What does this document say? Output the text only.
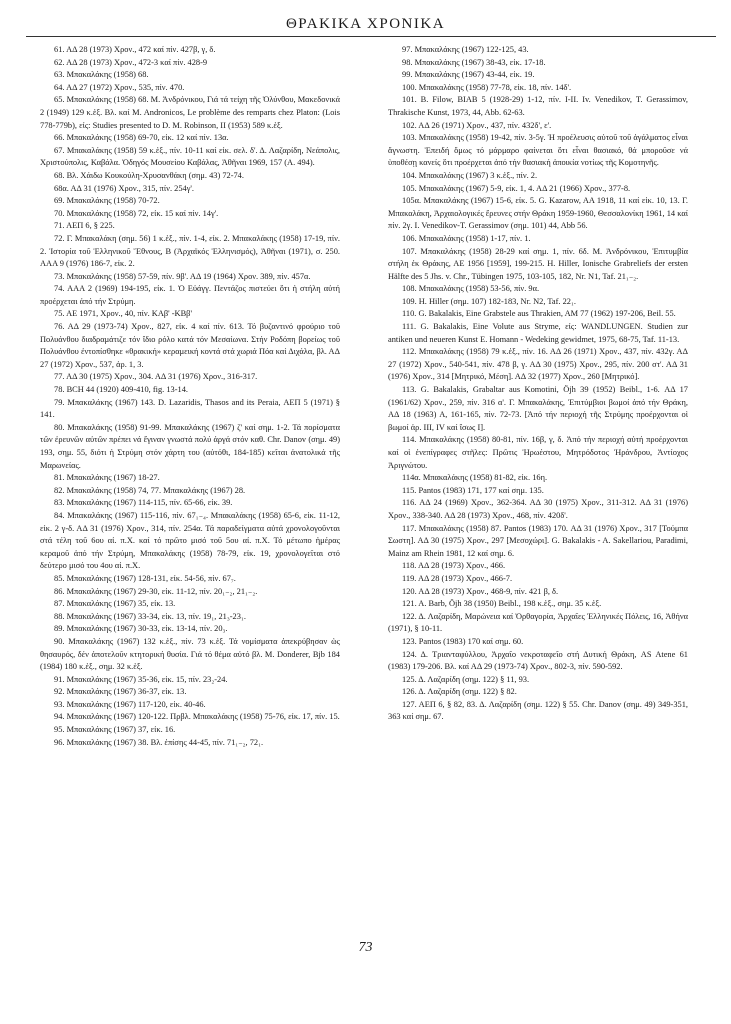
ΘΡΑΚΙΚΑ ΧΡΟΝΙΚΑ

61. ΑΔ 28 (1973) Χρον., 472 καί πίν. 427β, γ, δ.

62. ΑΔ 28 (1973) Χρον., 472-3 καί πίν. 428-9

63. Μπακαλάκης (1958) 68.

64. ΑΔ 27 (1972) Χρον., 535, πίν. 470.

65. Μπακαλάκης (1958) 68. Μ. Ἀνδρόνικου, Γιά τά τείχη τῆς Ὀλύνθου, Μακεδονικά 2 (1949) 129 κ.ἑξ. Βλ. καί M. Andronicos, Le problème des remparts chez Platon: (Lois 778-779b), εἰς: Studies presented to D. M. Robinson, II (1953) 589 κ.ἑξ.

66. Μπακαλάκης (1958) 69-70, εἰκ. 12 καί πίν. 13α.

67. Μπακαλάκης (1958) 59 κ.ἑξ., πίν. 10-11 καί εἰκ. σελ. δ'. Δ. Λαζαρίδη, Νεάπολις, Χριστούπολις, Καβάλα. Ὁδηγός Μουσείου Καβάλας, Ἀθῆναι 1969, 157 (Α. 494).

68. Βλ. Χάιδω Κουκούλη-Χρυσανθάκη (σημ. 43) 72-74.

68α. ΑΔ 31 (1976) Χρον., 315, πίν. 254γ'.

69. Μπακαλάκης (1958) 70-72.

70. Μπακαλάκης (1958) 72, εἰκ. 15 καί πίν. 14γ'.

71. ΑΕΠ 6, § 225.

72. Γ. Μπακαλάκη (σημ. 56) 1 κ.ἑξ., πίν. 1-4, εἰκ. 2. Μπακαλάκης (1958) 17-19, πίν. 2. Ἱστορία τοῦ Ἑλληνικοῦ Ἔθνους, Β (Ἀρχαϊκός Ἑλληνισμός), Ἀθῆναι (1971), σ. 250. ΑΑΑ 9 (1976) 186-7, εἰκ. 2.

73. Μπακαλάκης (1958) 57-59, πίν. 9β'. ΑΔ 19 (1964) Χρον. 389, πίν. 457α.

74. ΑΑΑ 2 (1969) 194-195, εἰκ. 1. Ὁ Εὐάγγ. Πεντάζος πιστεύει ὅτι ἡ στήλη αὐτή προέρχεται ἀπό τήν Στρύμη.

75. ΑΕ 1971, Χρον., 40, πίν. ΚΑβ' -ΚΒβ'

76. ΑΔ 29 (1973-74) Χρον., 827, εἰκ. 4 καί πίν. 613. Τό βυζαντινό φρούριο τοῦ Πολυάνθου διαδραμάτιζε τόν ἴδιο ρόλο κατά τόν Μεσαίωνα. Στήν Ροδόπη βορείως τοῦ Πολυάνθου ἐντοπίσθηκε «θρακική» κεραμεική κοντά στά χωριά Πόα καί Διχάλα, βλ. ΑΔ 27 (1972) Χρον., 537, ἀρ. 1, 3.

77. ΑΔ 30 (1975) Χρον., 304. ΑΔ 31 (1976) Χρον., 316-317.

78. BCH 44 (1920) 409-410, fig. 13-14.

79. Μπακαλάκης (1967) 143. D. Lazaridis, Thasos and its Peraia, ΑΕΠ 5 (1971) § 141.

80. Μπακαλάκης (1958) 91-99. Μπακαλάκης (1967) ζ' καί σημ. 1-2. Τά πορίσματα τῶν ἐρευνῶν αὐτῶν πρέπει νά ἔγιναν γνωστά πολύ ἀργά στόν καθ. Chr. Danov (σημ. 49) 193, σημ. 55, διότι ἡ Στρύμη στόν χάρτη του (αὐτόθι, 184-185) κεῖται ἀνατολικά τῆς Μαρωνείας.

81. Μπακαλάκης (1967) 18-27.

82. Μπακαλάκης (1958) 74, 77. Μπακαλάκης (1967) 28.

83. Μπακαλάκης (1967) 114-115, πίν. 65-66, εἰκ. 39.

84. Μπακαλάκης (1967) 115-116, πίν. 67₁₋₄. Μπακαλάκης (1958) 65-6, εἰκ. 11-12, εἰκ. 2 γ-δ. ΑΔ 31 (1976) Χρον., 314, πίν. 254α. Τά παραδείγματα αὐτά χρονολογοῦνται στά τέλη τοῦ 6ου αἰ. π.Χ. καί τό πρῶτο μισό τοῦ 5ου αἰ. π.Χ. Τό μέτωπο ἡμέρας κεραμοῦ ἀπό τήν Στρύμη, Μπακαλάκης (1958) 78-79, εἰκ. 19, χρονολογεῖται στό δεύτερο μισό του 4ου αἰ. π.Χ.

85. Μπακαλάκης (1967) 128-131, εἰκ. 54-56, πίν. 67₇.

86. Μπακαλάκης (1967) 29-30, εἰκ. 11-12, πίν. 20₁₋₂, 21₁₋₂.

87. Μπακαλάκης (1967) 35, εἰκ. 13.

88. Μπακαλάκης (1967) 33-34, εἰκ. 13, πίν. 19₁, 21₃-23₁.

89. Μπακαλάκης (1967) 30-33, εἰκ. 13-14, πίν. 20₃.

90. Μπακαλάκης (1967) 132 κ.ἑξ., πίν. 73 κ.ἑξ. Τά νομίσματα ἀπεκρύβησαν ὡς θησαυρός, δέν ἀποτελοῦν κτητορική θυσία. Γιά τό θέμα αὐτό βλ. M. Donderer, Bjb 184 (1984) 180 κ.ἑξ., σημ. 32 κ.ἑξ.

91. Μπακαλάκης (1967) 35-36, εἰκ. 15, πίν. 23₂-24.

92. Μπακαλάκης (1967) 36-37, εἰκ. 13.

93. Μπακαλάκης (1967) 117-120, εἰκ. 40-46.

94. Μπακαλάκης (1967) 120-122. Πρβλ. Μπακαλάκης (1958) 75-76, εἰκ. 17, πίν. 15.

95. Μπακαλάκης (1967) 37, εἰκ. 16.

96. Μπακαλάκης (1967) 38. Βλ. ἐπίσης 44-45, πίν. 71₁₋₂, 72₁.

97. Μπακαλάκης (1967) 122-125, 43.

98. Μπακαλάκης (1967) 38-43, εἰκ. 17-18.

99. Μπακαλάκης (1967) 43-44, εἰκ. 19.

100. Μπακαλάκης (1958) 77-78, εἰκ. 18, πίν. 14δ'.

101. B. Filow, BIAB 5 (1928-29) 1-12, πίν. I-II. Iv. Venedikov, T. Gerassimov, Thrakische Kunst, 1973, 44, Abb. 62-63.

102. ΑΔ 26 (1971) Χρον., 437, πίν. 432δ', ε'.

103. Μπακαλάκης (1958) 19-42, πίν. 3-5γ. Ἡ προέλευσις αὐτοῦ τοῦ ἀγάλματος εἶναι ἄγνωστη. Ἐπειδή ὅμως τό μάρμαρο φαίνεται ὅτι εἶναι θασιακό, θά μποροῦσε νά ὑποθέσῃ κανείς ὅτι προέρχεται ἀπό τήν θασιακή ἀποικία νοτίως τῆς Κομοτηνῆς.

104. Μπακαλάκης (1967) 3 κ.ἑξ., πίν. 2.

105. Μπακαλάκης (1967) 5-9, εἰκ. 1, 4. ΑΔ 21 (1966) Χρον., 377-8.

105α. Μπακαλάκης (1967) 15-6, εἰκ. 5. G. Kazarow, AA 1918, 11 καί εἰκ. 10, 13. Γ. Μπακαλάκη, Ἀρχαιολογικές ἔρευνες στήν Θράκη 1959-1960, Θεσσαλονίκη 1961, 14 καί πίν. 2γ. I. Venedikov-T. Gerassimov (σημ. 101) 44, Abb 56.

106. Μπακαλάκης (1958) 1-17, πίν. 1.

107. Μπακαλάκης (1958) 28-29 καί σημ. 1, πίν. 6δ. Μ. Ἀνδρόνικου, Ἐπιτυμβία στήλη ἐκ Θράκης, ΑΕ 1956 [1959], 199-215. H. Hiller, Ionische Grabreliefs der ersten Hälfte des 5 Jhs. v. Chr., Tübingen 1975, 103-105, 182, Nr. N1, Taf. 21₁₋₂.

108. Μπακαλάκης (1958) 53-56, πίν. 9α.

109. H. Hiller (σημ. 107) 182-183, Nr. N2, Taf. 22₁.

110. G. Bakalakis, Eine Grabstele aus Thrakien, AM 77 (1962) 197-206, Beil. 55.

111. G. Bakalakis, Eine Volute aus Stryme, εἰς: WANDLUNGEN. Studien zur antiken und neueren Kunst E. Homann - Wedeking gewidmet, 1975, 68-75, Taf. 11-13.

112. Μπακαλάκης (1958) 79 κ.ἑξ., πίν. 16. ΑΔ 26 (1971) Χρον., 437, πίν. 432γ. ΑΔ 27 (1972) Χρον., 540-541, πίν. 478 β, γ. ΑΔ 30 (1975) Χρον., 295, πίν. 200 στ'. ΑΔ 31 (1976) Χρον., 314 [Μητρικό, Μέση]. ΑΔ 32 (1977) Χρον., 260 [Μητρικό].

113. G. Bakalakis, Grabaltar aus Komotini, Öjh 39 (1952) Beibl., 1-6. ΑΔ 17 (1961/62) Χρον., 259, πίν. 316 α'. Γ. Μπακαλάκης, Ἐπιτύμβιοι βωμοί ἀπό τήν Θράκη, ΑΔ 18 (1963) Α, 161-165, πίν. 72-73. [Ἀπό τήν περιοχή τῆς Στρύμης προέρχονται οἱ βωμοί ἀρ. III, IV καί ἴσως I].

114. Μπακαλάκης (1958) 80-81, πίν. 16β, γ, δ. Ἀπό τήν περιοχή αὐτή προέρχονται καί οἱ ἐνεπίγραφες στῆλες: Πρῶτις Ἡρωέστου, Μητρόδοτος Ἡράνδρου, Ἀντίοχος Ἀριγνώτου.

114α. Μπακαλάκης (1958) 81-82, εἰκ. 16η.

115. Pantos (1983) 171, 177 καί σημ. 135.

116. ΑΔ 24 (1969) Χρον., 362-364. ΑΔ 30 (1975) Χρον., 311-312. ΑΔ 31 (1976) Χρον., 338-340. ΑΔ 28 (1973) Χρον., 468, πίν. 420δ'.

117. Μπακαλάκης (1958) 87. Pantos (1983) 170. ΑΔ 31 (1976) Χρον., 317 [Τούμπα Σωστη]. ΑΔ 30 (1975) Χρον., 297 [Μεσοχώρι]. G. Bakalakis - A. Sakellariou, Paradimi, Mainz am Rhein 1981, 12 καί σημ. 6.

118. ΑΔ 28 (1973) Χρον., 466.

119. ΑΔ 28 (1973) Χρον., 466-7.

120. ΑΔ 28 (1973) Χρον., 468-9, πίν. 421 β, δ.

121. A. Barb, Öjh 38 (1950) Beibl., 198 κ.ἑξ., σημ. 35 κ.ἑξ.

122. Δ. Λαζαρίδη, Μαρώνεια καί Ὀρθαγορία, Ἀρχαῖες Ἑλληνικές Πόλεις, 16, Ἀθήνα (1971), § 10-11.

123. Pantos (1983) 170 καί σημ. 60.

124. Δ. Τριανταφύλλου, Ἀρχαῖο νεκροταφεῖο στή Δυτική Θράκη, AS Atene 61 (1983) 179-206. Βλ. καί ΑΔ 29 (1973-74) Χρον., 802-3, πίν. 590-592.

125. Δ. Λαζαρίδη (σημ. 122) § 11, 93.

126. Δ. Λαζαρίδη (σημ. 122) § 82.

127. ΑΕΠ 6, § 82, 83. Δ. Λαζαρίδη (σημ. 122) § 55. Chr. Danov (σημ. 49) 349-351, 363 καί σημ. 67.

73
